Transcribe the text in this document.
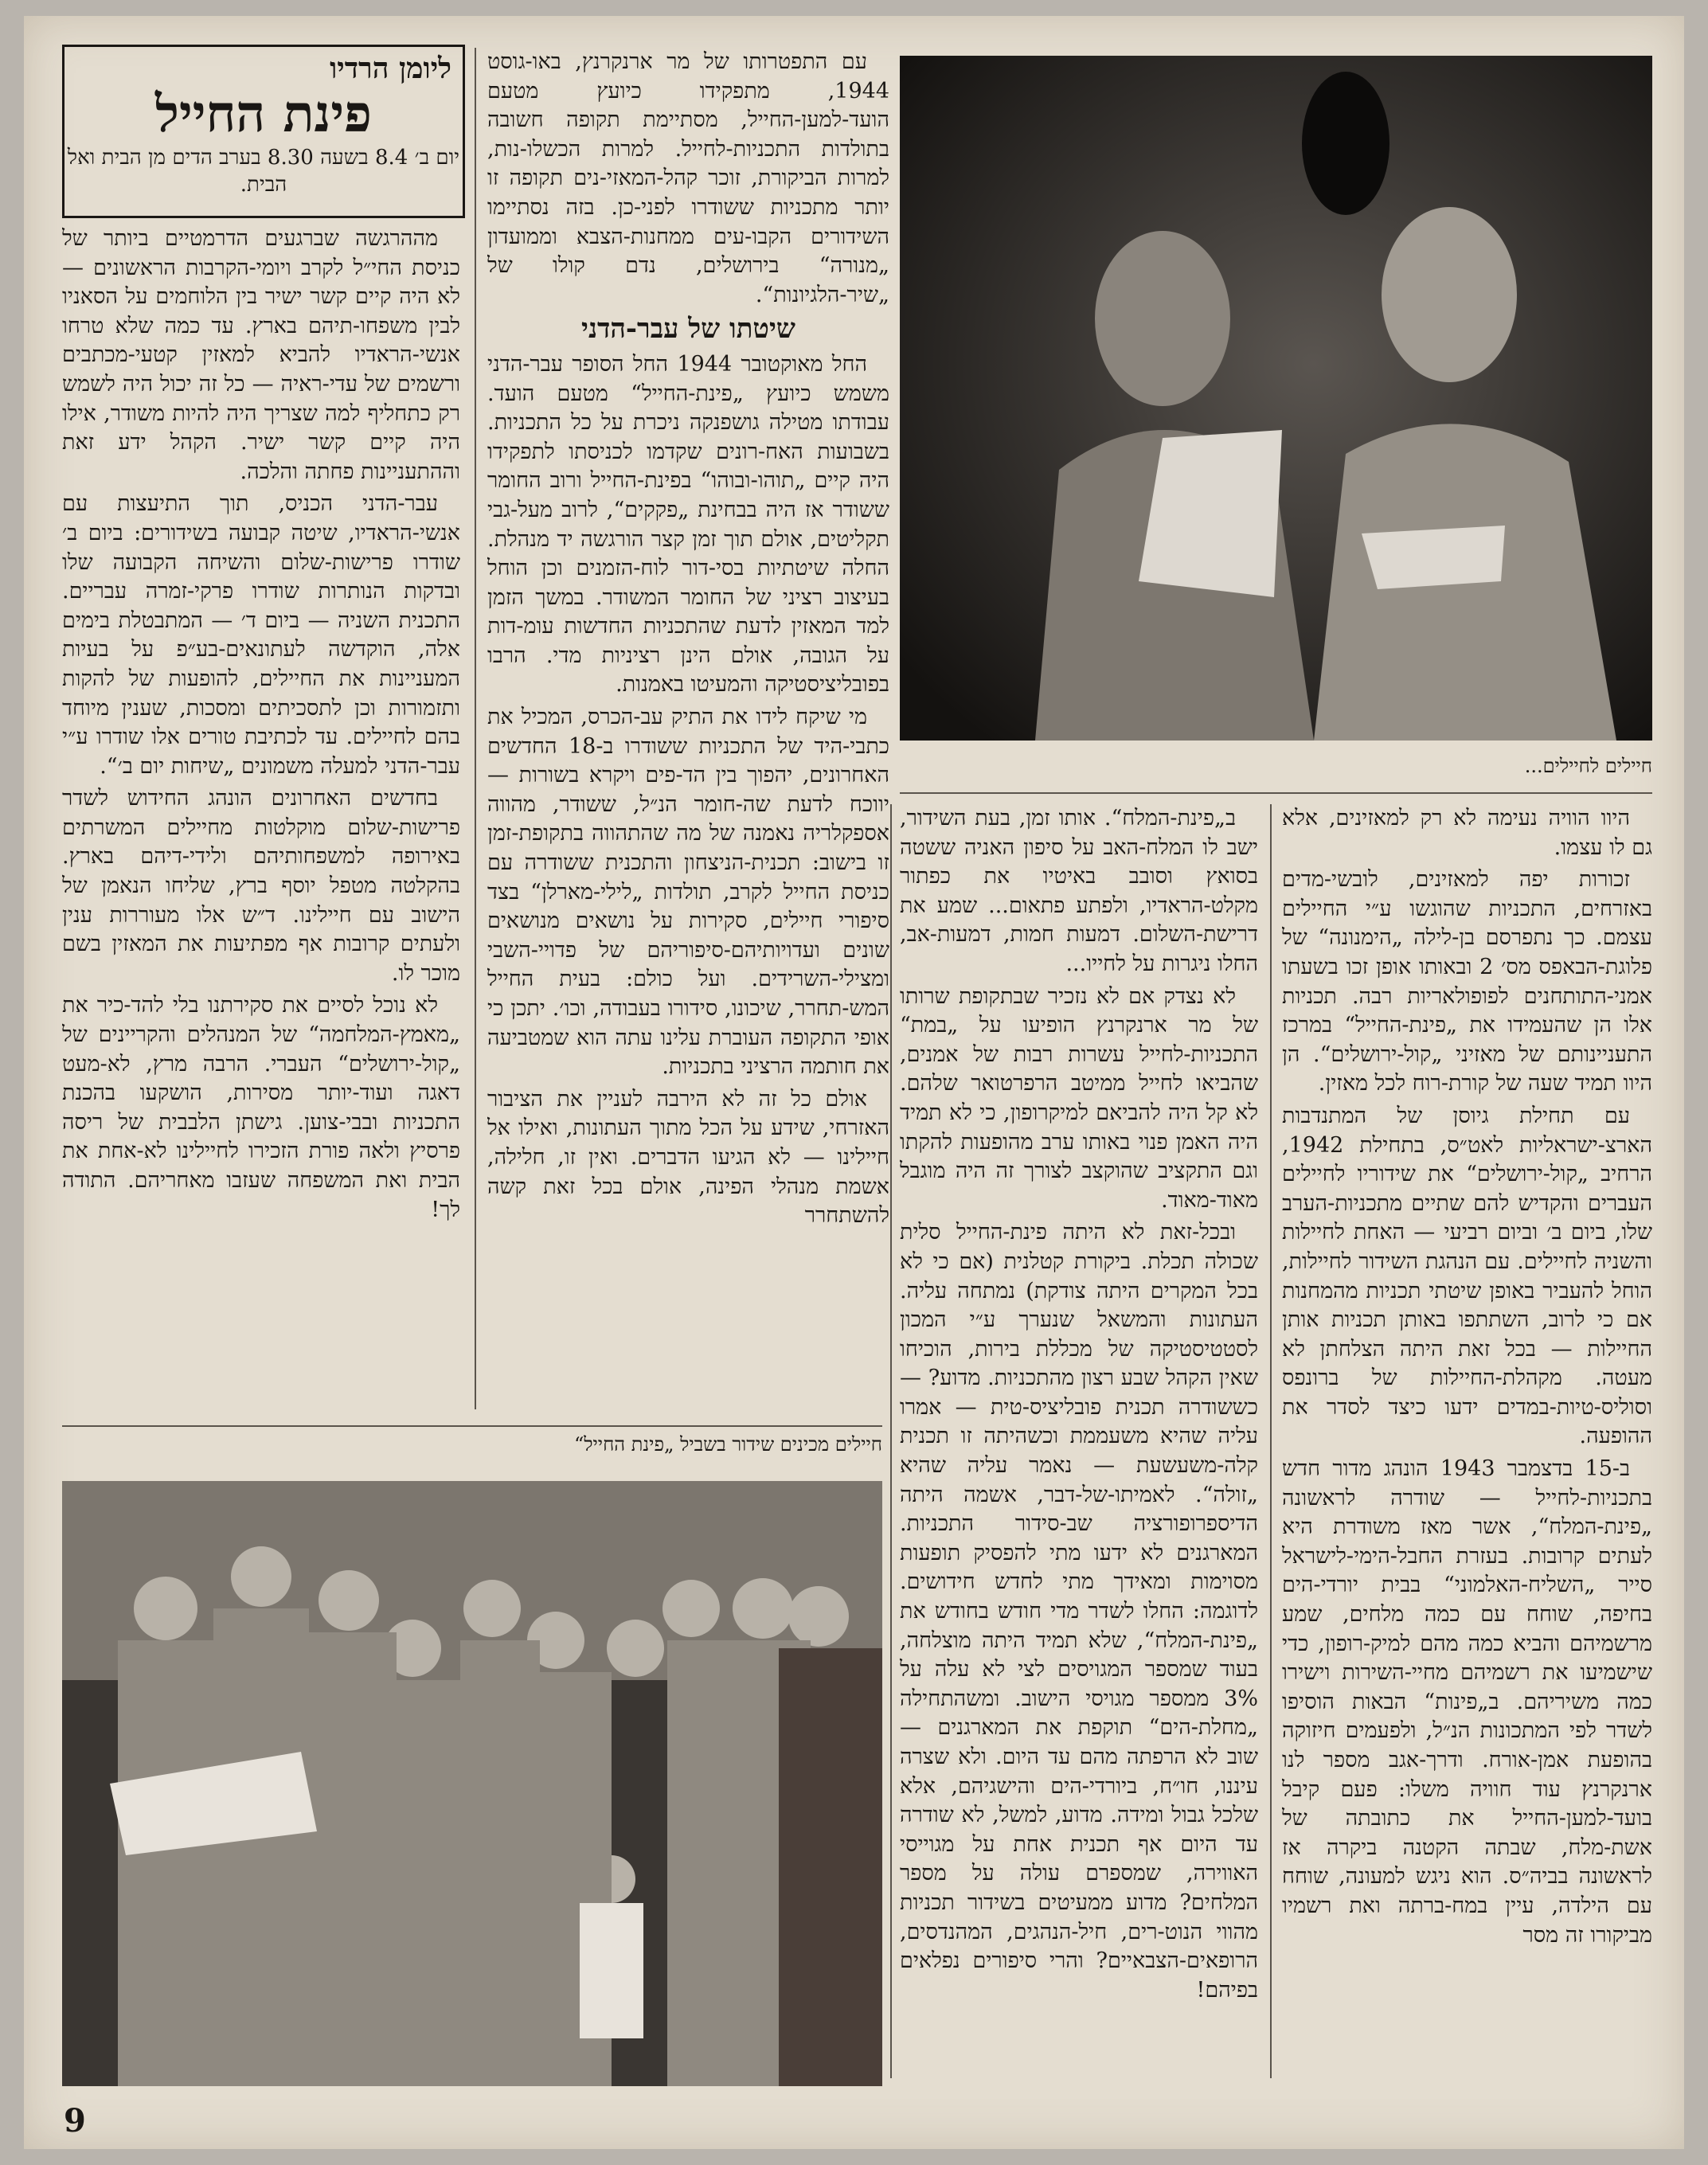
ליומן הרדיו
פינת החייל
יום ב׳ 8.4 בשעה 8.30 בערב הדים מן הבית ואל הבית.

מההרגשה שברגעים הדרמטיים ביותר של כניסת החי״ל לקרב ויומי-הקרבות הראשונים — לא היה קיים קשר ישיר בין הלוחמים על הסאניו לבין משפחו-תיהם בארץ. עד כמה שלא טרחו אנשי-הראדיו להביא למאזין קטעי-מכתבים ורשמים של עדי-ראיה — כל זה יכול היה לשמש רק כתחליף למה שצריך היה להיות משודר, אילו היה קיים קשר ישיר. הקהל ידע זאת וההתעניינות פחתה והלכה.

עבר-הדני הכניס, תוך התיעצות עם אנשי-הראדיו, שיטה קבועה בשידורים: ביום ב׳ שודרו פרישות-שלום והשיחה הקבועה שלו ובדקות הנותרות שודרו פרקי-זמרה עבריים. התכנית השניה — ביום ד׳ — המתבטלת בימים אלה, הוקדשה לעתונאים-בע״פ על בעיות המעניינות את החיילים, להופעות של להקות ותזמורות וכן לתסכיתים ומסכות, שענין מיוחד בהם לחיילים. עד לכתיבת טורים אלו שודרו ע״י עבר-הדני למעלה משמונים „שיחות יום ב׳“.

בחדשים האחרונים הונהג החידוש לשדר פרישות-שלום מוקלטות מחיילים המשרתים באירופה למשפחותיהם ולידי-דיהם בארץ. בהקלטה מטפל יוסף ברץ, שליחו הנאמן של הישוב עם חיילינו. ד״ש אלו מעוררות ענין ולעתים קרובות אף מפתיעות את המאזין בשם מוכר לו.

לא נוכל לסיים את סקירתנו בלי להד-כיר את „מאמץ-המלחמה“ של המנהלים והקריינים של „קול-ירושלים“ העברי. הרבה מרץ, לא-מעט דאגה ועוד-יותר מסירות, הושקעו בהכנת התכניות ובבי-צוען. גישתן הלבבית של ריסה פרסיץ ולאה פורת הזכירו לחיילינו לא-אחת את הבית ואת המשפחה שעזבו מאחריהם. התודה לך!

עם התפטרותו של מר ארנקרנץ, באו-גוסט 1944, מתפקידו כיועץ מטעם הועד-למען-החייל, מסתיימת תקופה חשובה בתולדות התכניות-לחייל. למרות הכשלו-נות, למרות הביקורת, זוכר קהל-המאזי-נים תקופה זו יותר מתכניות ששודרו לפני-כן. בזה נסתיימו השידורים הקבו-עים ממחנות-הצבא וממועדון „מנורה“ בירושלים, נדם קולו של „שיר-הלגיונות“.

שיטתו של עבר-הדני

החל מאוקטובר 1944 החל הסופר עבר-הדני משמש כיועץ „פינת-החייל“ מטעם הועד. עבודתו מטילה גושפנקה ניכרת על כל התכניות. בשבועות האח-רונים שקדמו לכניסתו לתפקידו היה קיים „תוהו-ובוהו“ בפינת-החייל ורוב החומר ששודר אז היה בבחינת „פקקים“, לרוב מעל-גבי תקליטים, אולם תוך זמן קצר הורגשה יד מנהלת. החלה שיטתיות בסי-דור לוח-הזמנים וכן הוחל בעיצוב רציני של החומר המשודר. במשך הזמן למד המאזין לדעת שהתכניות החדשות עומ-דות על הגובה, אולם הינן רציניות מדי. הרבו בפובליציסטיקה והמעיטו באמנות.

מי שיקח לידו את התיק עב-הכרס, המכיל את כתבי-היד של התכניות ששודרו ב-18 החדשים האחרונים, יהפוך בין הד-פים ויקרא בשורות — יווכח לדעת שה-חומר הנ״ל, ששודר, מהווה אספקלריה נאמנה של מה שהתהווה בתקופת-זמן זו בישוב: תכנית-הניצחון והתכנית ששודרה עם כניסת החייל לקרב, תולדות „לילי-מארלן“ בצד סיפורי חיילים, סקירות על נושאים מנושאים שונים ועדויותיהם-סיפוריהם של פדויי-השבי ומצילי-השרידים. ועל כולם: בעית החייל המש-תחרר, שיכונו, סידורו בעבודה, וכו׳. יתכן כי אופי התקופה העוברת עלינו עתה הוא שמטביעה את חותמה הרציני בתכניות.

אולם כל זה לא הירבה לעניין את הציבור האזרחי, שידע על הכל מתוך העתונות, ואילו אל חיילינו — לא הגיעו הדברים. ואין זו, חלילה, אשמת מנהלי הפינה, אולם בכל זאת קשה להשתחרר

חיילים לחיילים...

היוו הוויה נעימה לא רק למאזינים, אלא גם לו עצמו.

זכורות יפה למאזינים, לובשי-מדים באזרחים, התכניות שהוגשו ע״י החיילים עצמם. כך נתפרסם בן-לילה „הימנונה“ של פלוגת-הבאפס מס׳ 2 ובאותו אופן זכו בשעתו אמני-התותחנים לפופולאריות רבה. תכניות אלו הן שהעמידו את „פינת-החייל“ במרכז התעניינותם של מאזיני „קול-ירושלים“. הן היוו תמיד שעה של קורת-רוח לכל מאזין.

עם תחילת גיוסן של המתנדבות הארצ-ישראליות לאט״ס, בתחילת 1942, הרחיב „קול-ירושלים“ את שידוריו לחיילים העברים והקדיש להם שתיים מתכניות-הערב שלו, ביום ב׳ וביום רביעי — האחת לחיילות והשניה לחיילים. עם הנהגת השידור לחיילות, הוחל להעביר באופן שיטתי תכניות מהמחנות אם כי לרוב, השתתפו באותן תכניות אותן החיילות — בכל זאת היתה הצלחתן לא מעטה. מקהלת-החיילות של ברונפס וסוליס-טיות-במדים ידעו כיצד לסדר את ההופעה.

ב-15 בדצמבר 1943 הונהג מדור חדש בתכניות-לחייל — שודרה לראשונה „פינת-המלח“, אשר מאז משודרת היא לעתים קרובות. בעזרת החבל-הימי-לישראל סייר „השליח-האלמוני“ בבית יורדי-הים בחיפה, שוחח עם כמה מלחים, שמע מרשמיהם והביא כמה מהם למיק-רופון, כדי שישמיעו את רשמיהם מחיי-השירות וישירו כמה משיריהם. ב„פינות“ הבאות הוסיפו לשדר לפי המתכונות הנ״ל, ולפעמים חיזוקה בהופעת אמן-אורח. ודרך-אגב מספר לנו ארנקרנץ עוד חוויה משלו: פעם קיבל בועד-למען-החייל את כתובתה של אשת-מלח, שבתה הקטנה ביקרה אז לראשונה בביה״ס. הוא ניגש למעונה, שוחח עם הילדה, עיין במח-ברתה ואת רשמיו מביקורו זה מסר

ב„פינת-המלח“. אותו זמן, בעת השידור, ישב לו המלח-האב על סיפון האניה ששטה בסואץ וסובב באיטיו את כפתור מקלט-הראדיו, ולפתע פתאום... שמע את דרישת-השלום. דמעות חמות, דמעות-אב, החלו ניגרות על לחייו...

לא נצדק אם לא נזכיר שבתקופת שרותו של מר ארנקרנץ הופיעו על „במת“ התכניות-לחייל עשרות רבות של אמנים, שהביאו לחייל ממיטב הרפרטואר שלהם. לא קל היה להביאם למיקרופון, כי לא תמיד היה האמן פנוי באותו ערב מהופעות להקתו וגם התקציב שהוקצב לצורך זה היה מוגבל מאוד-מאוד.

ובכל-זאת לא היתה פינת-החייל סלית שכולה תכלת. ביקורת קטלנית (אם כי לא בכל המקרים היתה צודקת) נמתחה עליה. העתונות והמשאל שנערך ע״י המכון לסטטיסטיקה של מכללת בירות, הוכיחו שאין הקהל שבע רצון מהתכניות. מדוע? — כששודרה תכנית פובליציס-טית — אמרו עליה שהיא משעממת וכשהיתה זו תכנית קלה-משעשעת — נאמר עליה שהיא „זולה“. לאמיתו-של-דבר, אשמה היתה הדיספרופורציה שב-סידור התכניות. המארגנים לא ידעו מתי להפסיק תופעות מסוימות ומאידך מתי לחדש חידושים. לדוגמה: החלו לשדר מדי חודש בחודש את „פינת-המלח“, שלא תמיד היתה מוצלחה, בעוד שמספר המגויסים לצי לא עלה על 3% ממספר מגויסי הישוב. ומשהתחילה „מחלת-הים“ תוקפת את המארגנים — שוב לא הרפתה מהם עד היום. ולא שצרה עיננו, חו״ח, ביורדי-הים והישגיהם, אלא שלכל גבול ומידה. מדוע, למשל, לא שודרה עד היום אף תכנית אחת על מגוייסי האווירה, שמספרם עולה על מספר המלחים? מדוע ממעיטים בשידור תכניות מהווי הנוט-רים, חיל-הנהגים, המהנדסים, הרופאים-הצבאיים? והרי סיפורים נפלאים בפיהם!

חיילים מכינים שידור בשביל „פינת החייל“
9
